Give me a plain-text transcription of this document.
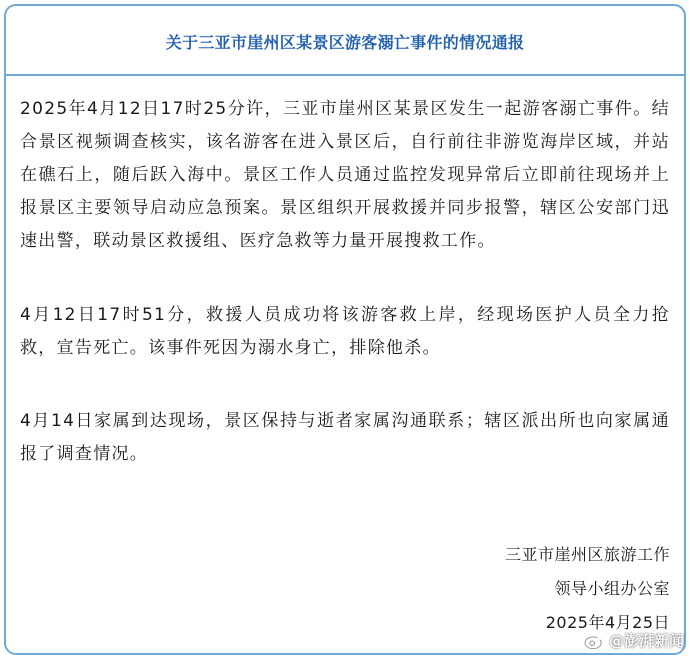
关于三亚市崖州区某景区游客溺亡事件的情况通报

2025年4月12日17时25分许，三亚市崖州区某景区发生一起游客溺亡事件。结合景区视频调查核实，该名游客在进入景区后，自行前往非游览海岸区域，并站在礁石上，随后跃入海中。景区工作人员通过监控发现异常后立即前往现场并上报景区主要领导启动应急预案。景区组织开展救援并同步报警，辖区公安部门迅速出警，联动景区救援组、医疗急救等力量开展搜救工作。

4月12日17时51分，救援人员成功将该游客救上岸，经现场医护人员全力抢救，宣告死亡。该事件死因为溺水身亡，排除他杀。

4月14日家属到达现场，景区保持与逝者家属沟通联系；辖区派出所也向家属通报了调查情况。

三亚市崖州区旅游工作
领导小组办公室
2025年4月25日
@澎湃新闻
